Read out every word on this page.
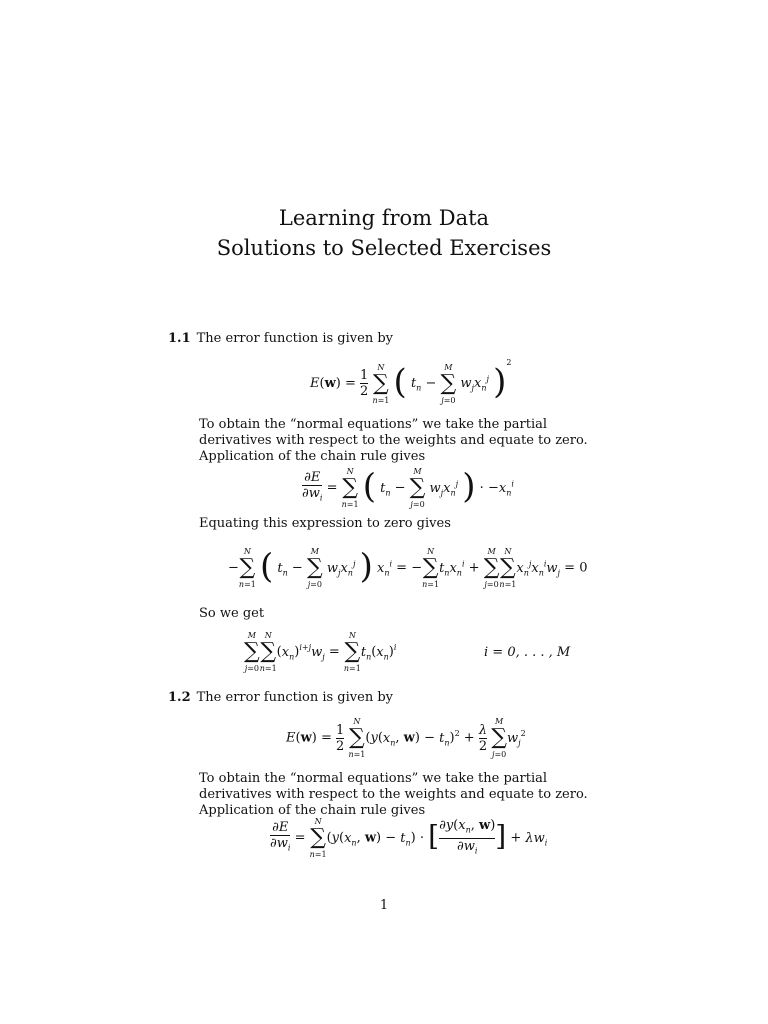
Learning from Data
Solutions to Selected Exercises
1.1 The error function is given by
$E(w) = \frac{1}{2}$

N
∑
n=1 ( $t_n$ −
M
∑
j=0
$w_jx_n^j$ )$^2$
To obtain the “normal equations” we take the partial derivatives with respect to the weights and equate to zero. Application of the chain rule gives
$\frac{\partial E}{\partial w_i}$ =
N
∑
n=1 ( $t_n$ −
M
∑
j=0
$w_jx_n^j$ ) · $-x_n^i$
Equating this expression to zero gives
−
N
∑
n=1 ( $t_n$ −
M
∑
j=0
$w_jx_n^j$ ) $x_n^i$ = −
N
∑
n=1
$t_nx_n^i$ +
M
∑
j=0
N
∑
n=1
$x_n^jx_n^iw_j = 0$
So we get
M
∑
j=0
N
∑
n=1
$(x_n)^{i+j}w_j$ =
N
∑
n=1
$t_n(x_n)^i$	i = 0, . . . , M
1.2 The error function is given by
$E(w) = \frac{1}{2}$

N
∑
n=1
($y(x_n$, $w) - t_n)^2 + \frac{\lambda}{2}$

M
∑
j=0
$w_j^2$
To obtain the “normal equations” we take the partial derivatives with respect to the weights and equate to zero. Application of the chain rule gives
$\frac{\partial E}{\partial w_i}$ =
N
∑
n=1
($y(x_n$, $w) - t_n$) · [ $\frac{\partial y(x_n, w)}{\partial w_i}$ ] + $\lambda w_i$
1
